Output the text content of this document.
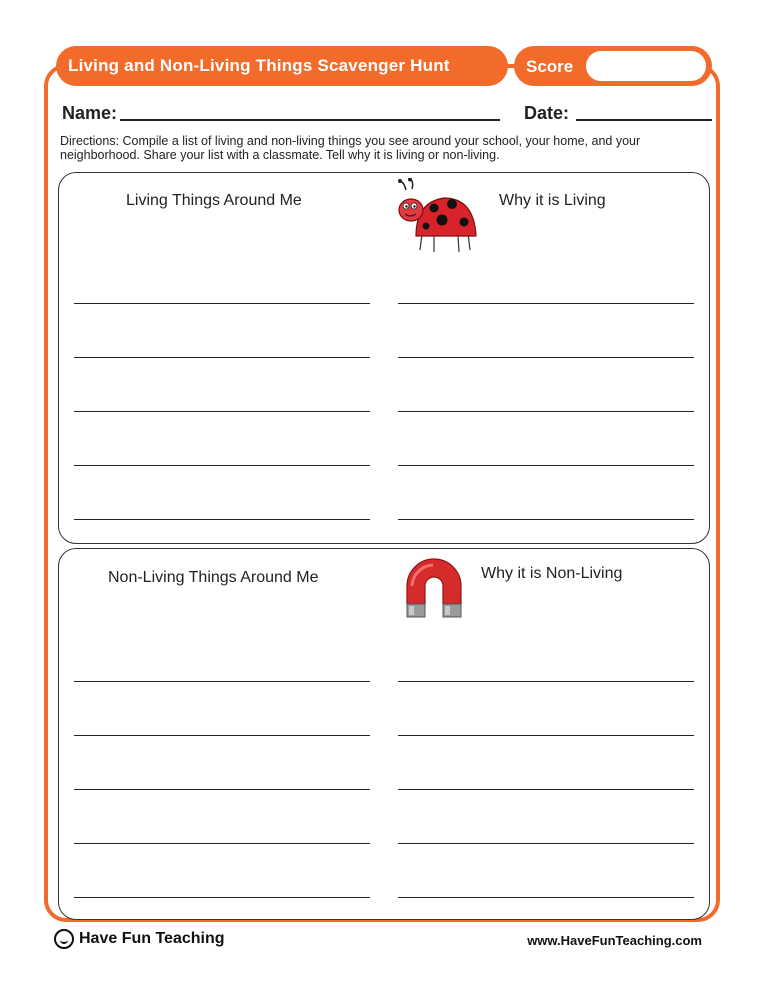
Living and Non-Living Things Scavenger Hunt	Score
Name:	Date:
Directions: Compile a list of living and non-living things you see around your school, your home, and your neighborhood. Share your list with a classmate. Tell why it is living or non-living.
Living Things Around Me	Why it is Living
Non-Living Things Around Me	Why it is Non-Living
Have Fun Teaching	www.HaveFunTeaching.com
